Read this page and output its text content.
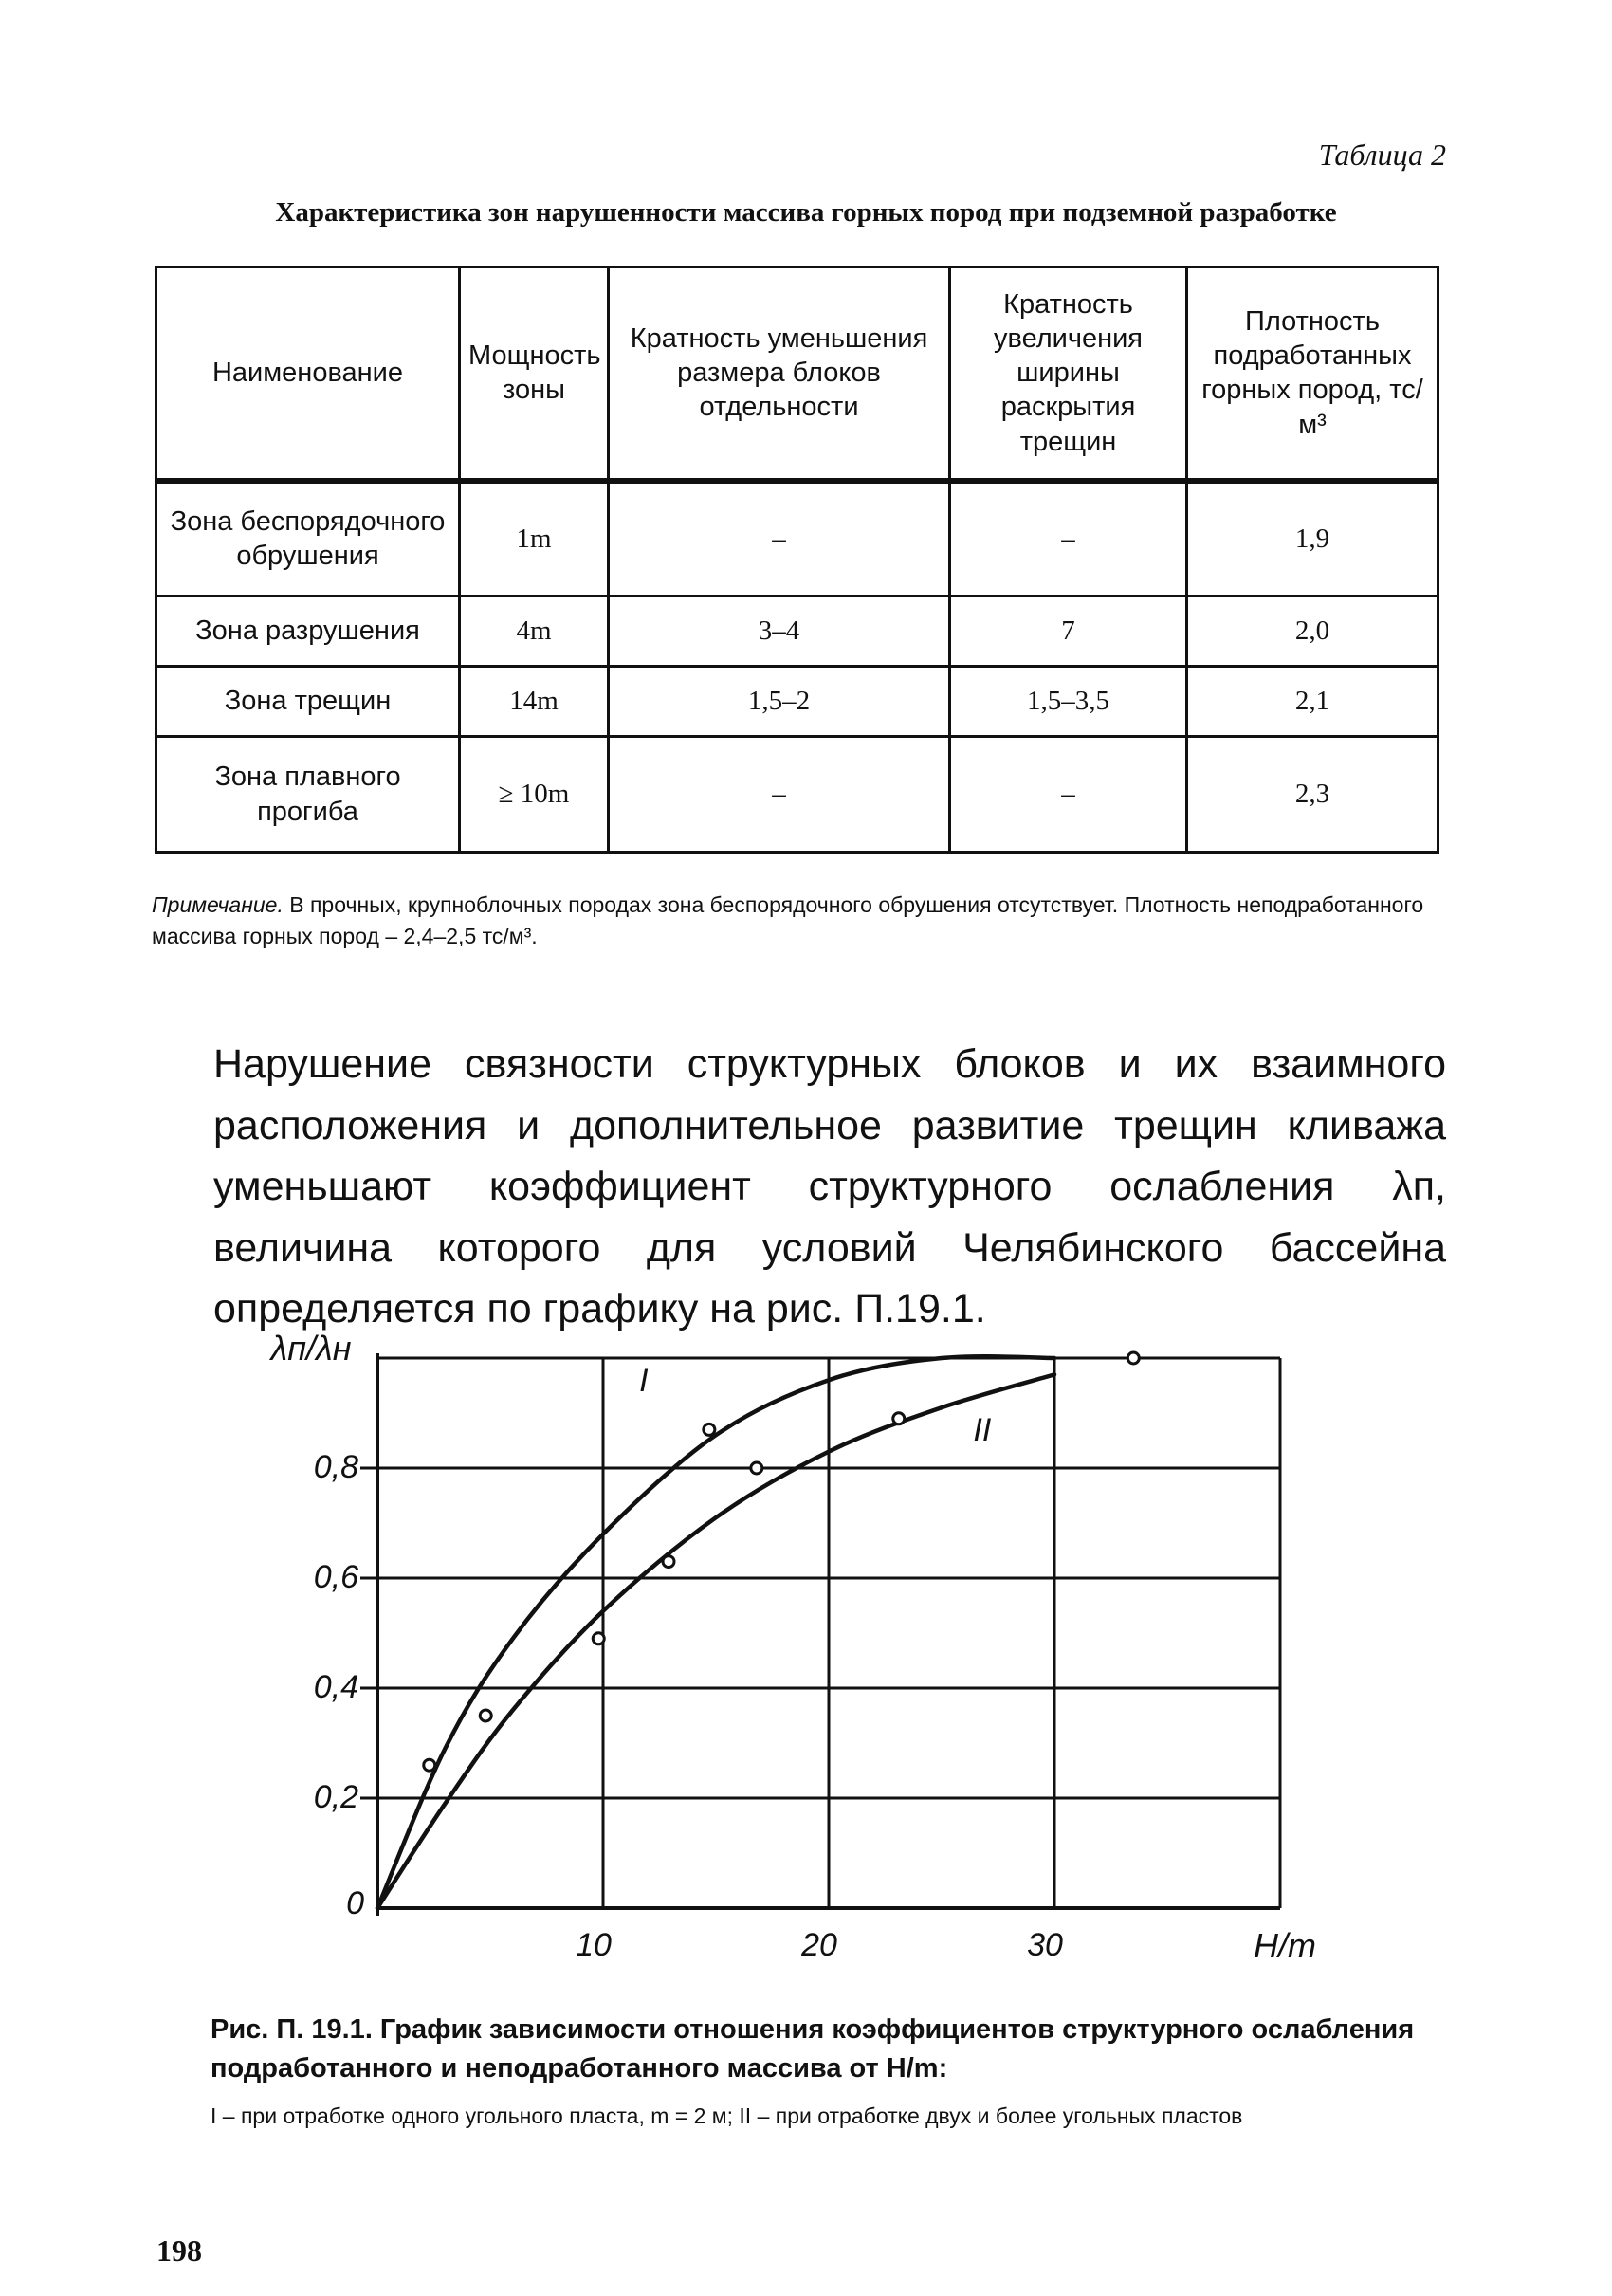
Таблица 2
Характеристика зон нарушенности массива горных пород при подземной разработке
Наименование	Мощность зоны	Кратность уменьшения размера блоков отдельности	Кратность увеличения ширины раскрытия трещин	Плотность подработанных горных пород, тс/м³
Зона беспорядочного обрушения	1m	–	–	1,9
Зона разрушения	4m	3–4	7	2,0
Зона трещин	14m	1,5–2	1,5–3,5	2,1
Зона плавного прогиба	≥ 10m	–	–	2,3
Примечание. В прочных, крупноблочных породах зона беспорядочного обрушения отсутствует. Плотность неподработанного массива горных пород – 2,4–2,5 тс/м³.
Нарушение связности структурных блоков и их взаимного расположения и дополнительное развитие трещин кливажа уменьшают коэффициент структурного ослабления λп, величина которого для условий Челябинского бассейна определяется по графику на рис. П.19.1.
I
II
10	20	30
0,2
0,4
0,6
0,8
0
H/m
λп/λн
Рис. П. 19.1. График зависимости отношения коэффициентов структурного ослабления подработанного и неподработанного массива от H/m:
I – при отработке одного угольного пласта, m = 2 м; II – при отработке двух и более угольных пластов
198
